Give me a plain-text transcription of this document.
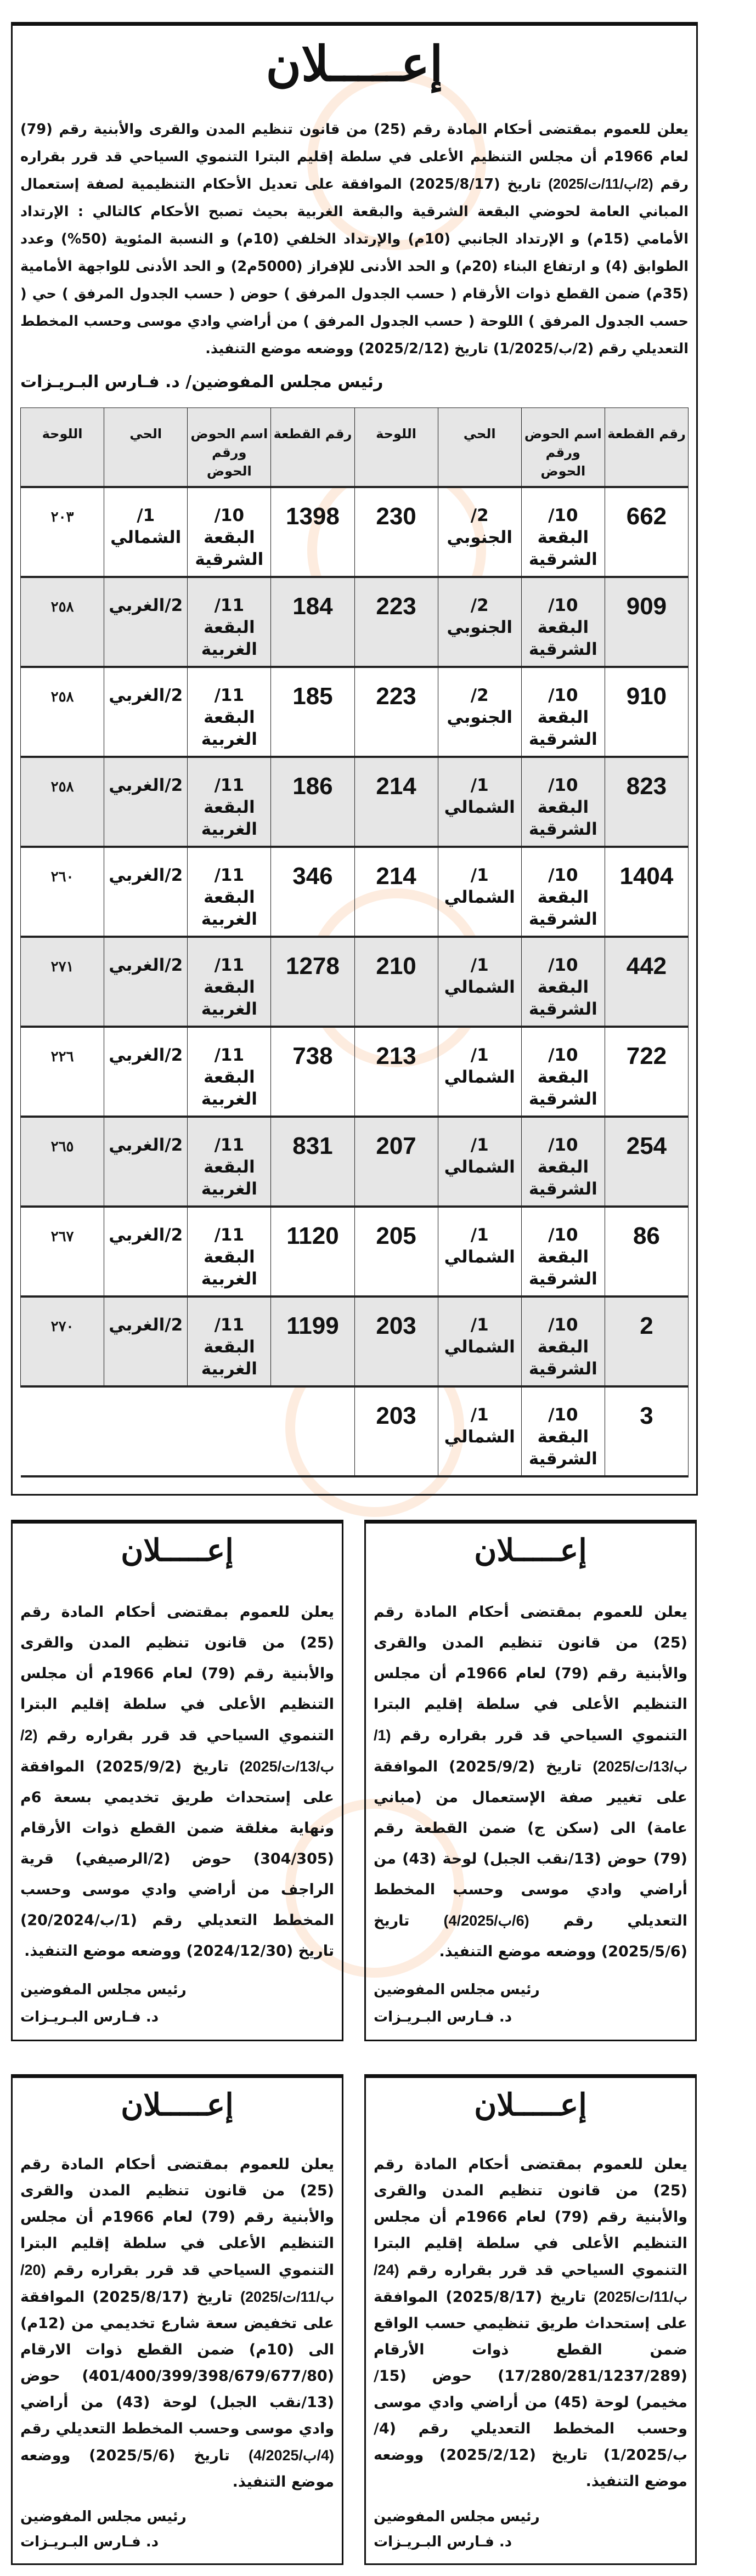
إعـــــلان
يعلن للعموم بمقتضى أحكام المادة رقم (25) من قانون تنظيم المدن والقرى والأبنية رقم (79) لعام 1966م أن مجلس التنظيم الأعلى في سلطة إقليم البترا التنموي السياحي قد قرر بقراره رقم (2/ب/11/ت/2025) تاريخ (2025/8/17) الموافقة على تعديل الأحكام التنظيمية لصفة إستعمال المباني العامة لحوضي البقعة الشرقية والبقعة الغربية بحيث تصبح الأحكام كالتالي : الإرتداد الأمامي (15م) و الإرتداد الجانبي (10م) والإرتداد الخلفي (10م) و النسبة المئوية (50%) وعدد الطوابق (4) و ارتفاع البناء (20م) و الحد الأدنى للإفراز (5000م2) و الحد الأدنى للواجهة الأمامية (35م) ضمن القطع ذوات الأرقام ( حسب الجدول المرفق ) حوض ( حسب الجدول المرفق ) حي ( حسب الجدول المرفق ) اللوحة ( حسب الجدول المرفق ) من أراضي وادي موسى وحسب المخطط التعديلي رقم (2/ب/1/2025) تاريخ (2025/2/12) ووضعه موضع التنفيذ.
رئيس مجلس المفوضين/ د. فـارس البـريـزات
رقم القطعة	اسم الحوض ورقم الحوض	الحي	اللوحة	رقم القطعة	اسم الحوض ورقم الحوض	الحي	اللوحة
662	10/البقعة الشرقية	2/الجنوبي	230	1398	10/البقعة الشرقية	1/ الشمالي	٢٠٣
909	10/البقعة الشرقية	2/الجنوبي	223	184	11/البقعة الغربية	2/الغربي	٢٥٨
910	10/البقعة الشرقية	2/الجنوبي	223	185	11/البقعة الغربية	2/الغربي	٢٥٨
823	10/البقعة الشرقية	1/ الشمالي	214	186	11/البقعة الغربية	2/الغربي	٢٥٨
1404	10/البقعة الشرقية	1/ الشمالي	214	346	11/البقعة الغربية	2/الغربي	٢٦٠
442	10/البقعة الشرقية	1/ الشمالي	210	1278	11/البقعة الغربية	2/الغربي	٢٧١
722	10/البقعة الشرقية	1/ الشمالي	213	738	11/البقعة الغربية	2/الغربي	٢٢٦
254	10/البقعة الشرقية	1/ الشمالي	207	831	11/البقعة الغربية	2/الغربي	٢٦٥
86	10/البقعة الشرقية	1/ الشمالي	205	1120	11/البقعة الغربية	2/الغربي	٢٦٧
2	10/البقعة الشرقية	1/ الشمالي	203	1199	11/البقعة الغربية	2/الغربي	٢٧٠
3	10/البقعة الشرقية	1/ الشمالي	203				
إعـــــلان
يعلن للعموم بمقتضى أحكام المادة رقم (25) من قانون تنظيم المدن والقرى والأبنية رقم (79) لعام 1966م أن مجلس التنظيم الأعلى في سلطة إقليم البترا التنموي السياحي قد قرر بقراره رقم (1/ب/13/ت/2025) تاريخ (2025/9/2) الموافقة على تغيير صفة الإستعمال من (مباني عامة) الى (سكن ج) ضمن القطعة رقم (79) حوض (13/نقب الجبل) لوحة (43) من أراضي وادي موسى وحسب المخطط التعديلي رقم (6/ب/4/2025) تاريخ (2025/5/6) ووضعه موضع التنفيذ.
رئيس مجلس المفوضين
د. فـارس البـريـزات
إعـــــلان
يعلن للعموم بمقتضى أحكام المادة رقم (25) من قانون تنظيم المدن والقرى والأبنية رقم (79) لعام 1966م أن مجلس التنظيم الأعلى في سلطة إقليم البترا التنموي السياحي قد قرر بقراره رقم (2/ب/13/ت/2025) تاريخ (2025/9/2) الموافقة على إستحداث طريق تخديمي بسعة 6م ونهاية مغلقة ضمن القطع ذوات الأرقام (304/305) حوض (2/الرصيفي) قرية الراجف من أراضي وادي موسى وحسب المخطط التعديلي رقم (1/ب/20/2024) تاريخ (2024/12/30) ووضعه موضع التنفيذ.
رئيس مجلس المفوضين
د. فـارس البـريـزات
إعـــــلان
يعلن للعموم بمقتضى أحكام المادة رقم (25) من قانون تنظيم المدن والقرى والأبنية رقم (79) لعام 1966م أن مجلس التنظيم الأعلى في سلطة إقليم البترا التنموي السياحي قد قرر بقراره رقم (24/ب/11/ت/2025) تاريخ (2025/8/17) الموافقة على إستحداث طريق تنظيمي حسب الواقع ضمن القطع ذوات الأرقام (17/280/281/1237/289) حوض (15/مخيمر) لوحة (45) من أراضي وادي موسى وحسب المخطط التعديلي رقم (4/ب/1/2025) تاريخ (2025/2/12) ووضعه موضع التنفيذ.
رئيس مجلس المفوضين
د. فـارس البـريـزات
إعـــــلان
يعلن للعموم بمقتضى أحكام المادة رقم (25) من قانون تنظيم المدن والقرى والأبنية رقم (79) لعام 1966م أن مجلس التنظيم الأعلى في سلطة إقليم البترا التنموي السياحي قد قرر بقراره رقم (20/ب/11/ت/2025) تاريخ (2025/8/17) الموافقة على تخفيض سعة شارع تخديمي من (12م) الى (10م) ضمن القطع ذوات الارقام (401/400/399/398/679/677/80) حوض (13/نقب الجبل) لوحة (43) من أراضي وادي موسى وحسب المخطط التعديلي رقم (4/ب/4/2025) تاريخ (2025/5/6) ووضعه موضع التنفيذ.
رئيس مجلس المفوضين
د. فـارس البـريـزات
